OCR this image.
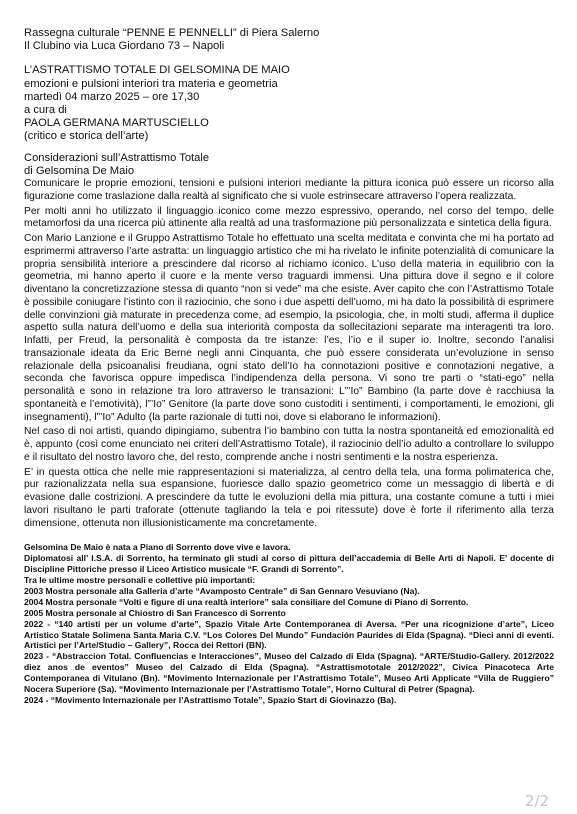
Rassegna culturale “PENNE E PENNELLI” di Piera Salerno
Il Clubino via Luca Giordano 73 – Napoli
L’ASTRATTISMO TOTALE DI GELSOMINA DE MAIO
emozioni e pulsioni interiori tra materia e geometria
martedì 04 marzo 2025 – ore 17,30
a cura di
PAOLA GERMANA MARTUSCIELLO
(critico e storica dell’arte)
Considerazioni sull’Astrattismo Totale
di Gelsomina De Maio

Comunicare le proprie emozioni, tensioni e pulsioni interiori mediante la pittura iconica può essere un ricorso alla figurazione come traslazione dalla realtà al significato che si vuole estrinsecare attraverso l’opera realizzata.

Per molti anni ho utilizzato il linguaggio iconico come mezzo espressivo, operando, nel corso del tempo, delle metamorfosi da una ricerca più attinente alla realtà ad una trasformazione più personalizzata e sintetica della figura.

Con Mario Lanzione e il Gruppo Astrattismo Totale ho effettuato una scelta meditata e convinta che mi ha portato ad esprimermi attraverso l’arte astratta: un linguaggio artistico che mi ha rivelato le infinite potenzialità di comunicare la propria sensibilità interiore a prescindere dal ricorso al richiamo iconico. L’uso della materia in equilibrio con la geometria, mi hanno aperto il cuore e la mente verso traguardi immensi. Una pittura dove il segno e il colore diventano la concretizzazione stessa di quanto “non si vede” ma che esiste. Aver capito che con l’Astrattismo Totale è possibile coniugare l’istinto con il raziocinio, che sono i due aspetti dell’uomo, mi ha dato la possibilità di esprimere delle convinzioni già maturate in precedenza come, ad esempio, la psicologia, che, in molti studi, afferma il duplice aspetto sulla natura dell’uomo e della sua interiorità composta da sollecitazioni separate ma interagenti tra loro. Infatti, per Freud, la personalità è composta da tre istanze: l’es, l’io e il super io. Inoltre, secondo l’analisi transazionale ideata da Eric Berne negli anni Cinquanta, che può essere considerata un’evoluzione in senso relazionale della psicoanalisi freudiana, ogni stato dell’Io ha connotazioni positive e connotazioni negative, a seconda che favorisca oppure impedisca l’indipendenza della persona. Vi sono tre parti o “stati-ego” nella personalità e sono in relazione tra loro attraverso le transazioni: L”’Io” Bambino (la parte dove è racchiusa la spontaneità e l’emotività), l”’Io” Genitore (la parte dove sono custoditi i sentimenti, i comportamenti, le emozioni, gli insegnamenti), l”’Io” Adulto (la parte razionale di tutti noi, dove si elaborano le informazioni).

Nel caso di noi artisti, quando dipingiamo, subentra l’io bambino con tutta la nostra spontaneità ed emozionalità ed è, appunto (così come enunciato nei criteri dell’Astrattismo Totale), il raziocinio dell’io adulto a controllare lo sviluppo e il risultato del nostro lavoro che, del resto, comprende anche i nostri sentimenti e la nostra esperienza.

E’ in questa ottica che nelle mie rappresentazioni si materializza, al centro della tela, una forma polimaterica che, pur razionalizzata nella sua espansione, fuoriesce dallo spazio geometrico come un messaggio di libertà e di evasione dalle costrizioni. A prescindere da tutte le evoluzioni della mia pittura, una costante comune a tutti i miei lavori risultano le parti traforate (ottenute tagliando la tela e poi ritessute) dove è forte il riferimento alla terza dimensione, ottenuta non illusionisticamente ma concretamente.

Gelsomina De Maio è nata a Piano di Sorrento dove vive e lavora.
Diplomatosi all’ I.S.A. di Sorrento, ha terminato gli studi al corso di pittura dell’accademia di Belle Arti di Napoli. E’ docente di Discipline Pittoriche presso il Liceo Artistico musicale “F. Grandi di Sorrento”.
Tra le ultime mostre personali e collettive più importanti:
2003 Mostra personale alla Galleria d’arte “Avamposto Centrale” di San Gennaro Vesuviano (Na).
2004 Mostra personale “Volti e figure di una realtà interiore” sala consiliare del Comune di Piano di Sorrento.
2005 Mostra personale al Chiostro di San Francesco di Sorrento
2022 - “140 artisti per un volume d’arte”, Spazio Vitale Arte Contemporanea di Aversa. “Per una ricognizione d’arte”, Liceo Artistico Statale Solimena Santa Maria C.V. “Los Colores Del Mundo” Fundación Paurides di Elda (Spagna). “Dieci anni di eventi. Artistici per l’Arte/Studio – Gallery”, Rocca dei Rettori (BN).
2023 - “Abstraccion Total. Confluencias e Interacciones”, Museo del Calzado di Elda (Spagna). “ARTE/Studio-Gallery. 2012/2022 diez anos de eventos” Museo del Calzado di Elda (Spagna). “Astrattismototale 2012/2022”, Civica Pinacoteca Arte Contemporanea di Vitulano (Bn). “Movimento Internazionale per l’Astrattismo Totale”, Museo Arti Applicate “Villa de Ruggiero” Nocera Superiore (Sa). “Movimento Internazionale per l’Astrattismo Totale”, Horno Cultural di Petrer (Spagna).
2024 - “Movimento Internazionale per l’Astrattismo Totale”, Spazio Start di Giovinazzo (Ba).
2/2
